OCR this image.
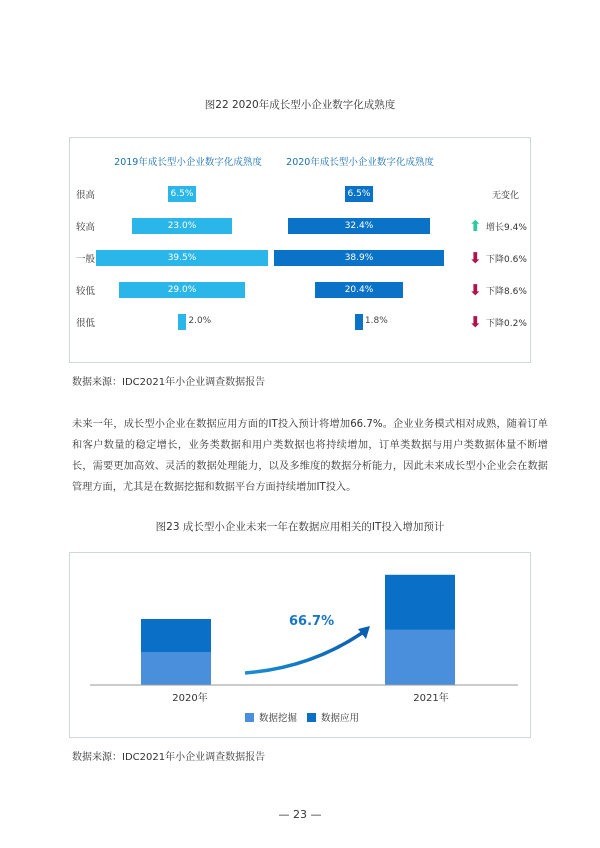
图22 2020年成长型小企业数字化成熟度
2019年成长型小企业数字化成熟度	2020年成长型小企业数字化成熟度
很高	6.5%	6.5%	无变化
较高	23.0%	32.4%	⬆ 增长9.4%
一般	39.5%	38.9%	⬇ 下降0.6%
较低	29.0%	20.4%	⬇ 下降8.6%
很低	2.0%	1.8%	⬇ 下降0.2%
数据来源：IDC2021年小企业调查数据报告
未来一年，成长型小企业在数据应用方面的IT投入预计将增加66.7%。企业业务模式相对成熟，随着订单和客户数量的稳定增长，业务类数据和用户类数据也将持续增加，订单类数据与用户类数据体量不断增长，需要更加高效、灵活的数据处理能力，以及多维度的数据分析能力，因此未来成长型小企业会在数据管理方面，尤其是在数据挖掘和数据平台方面持续增加IT投入。
图23 成长型小企业未来一年在数据应用相关的IT投入增加预计
66.7%
2020年	2021年
数据挖掘	数据应用
数据来源：IDC2021年小企业调查数据报告
— 23 —
